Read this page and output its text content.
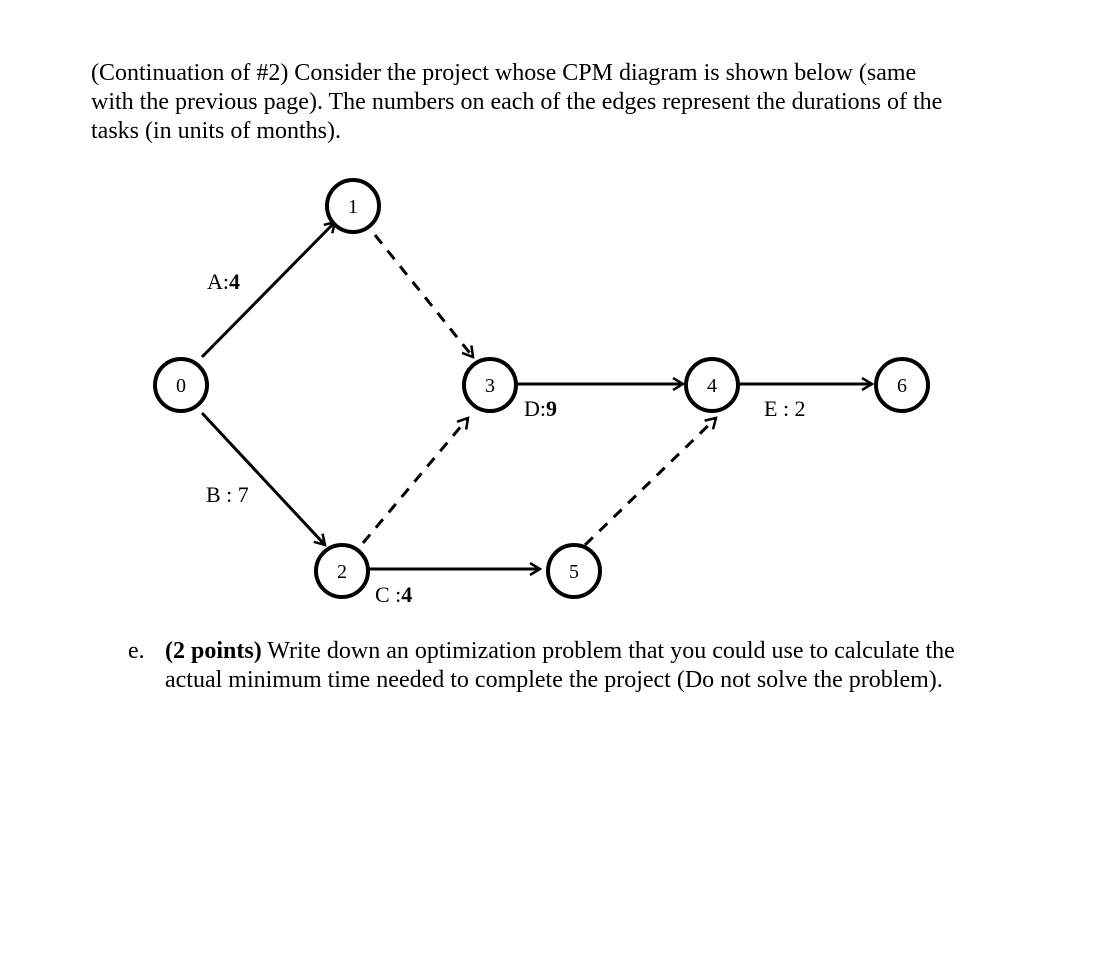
(Continuation of #2) Consider the project whose CPM diagram is shown below (same
with the previous page). The numbers on each of the edges represent the durations of the
tasks (in units of months).
0
1
2
3	4
5
6
A:4
B : 7
C :4
D:9	E : 2
e. (2 points) Write down an optimization problem that you could use to calculate the
actual minimum time needed to complete the project (Do not solve the problem).
